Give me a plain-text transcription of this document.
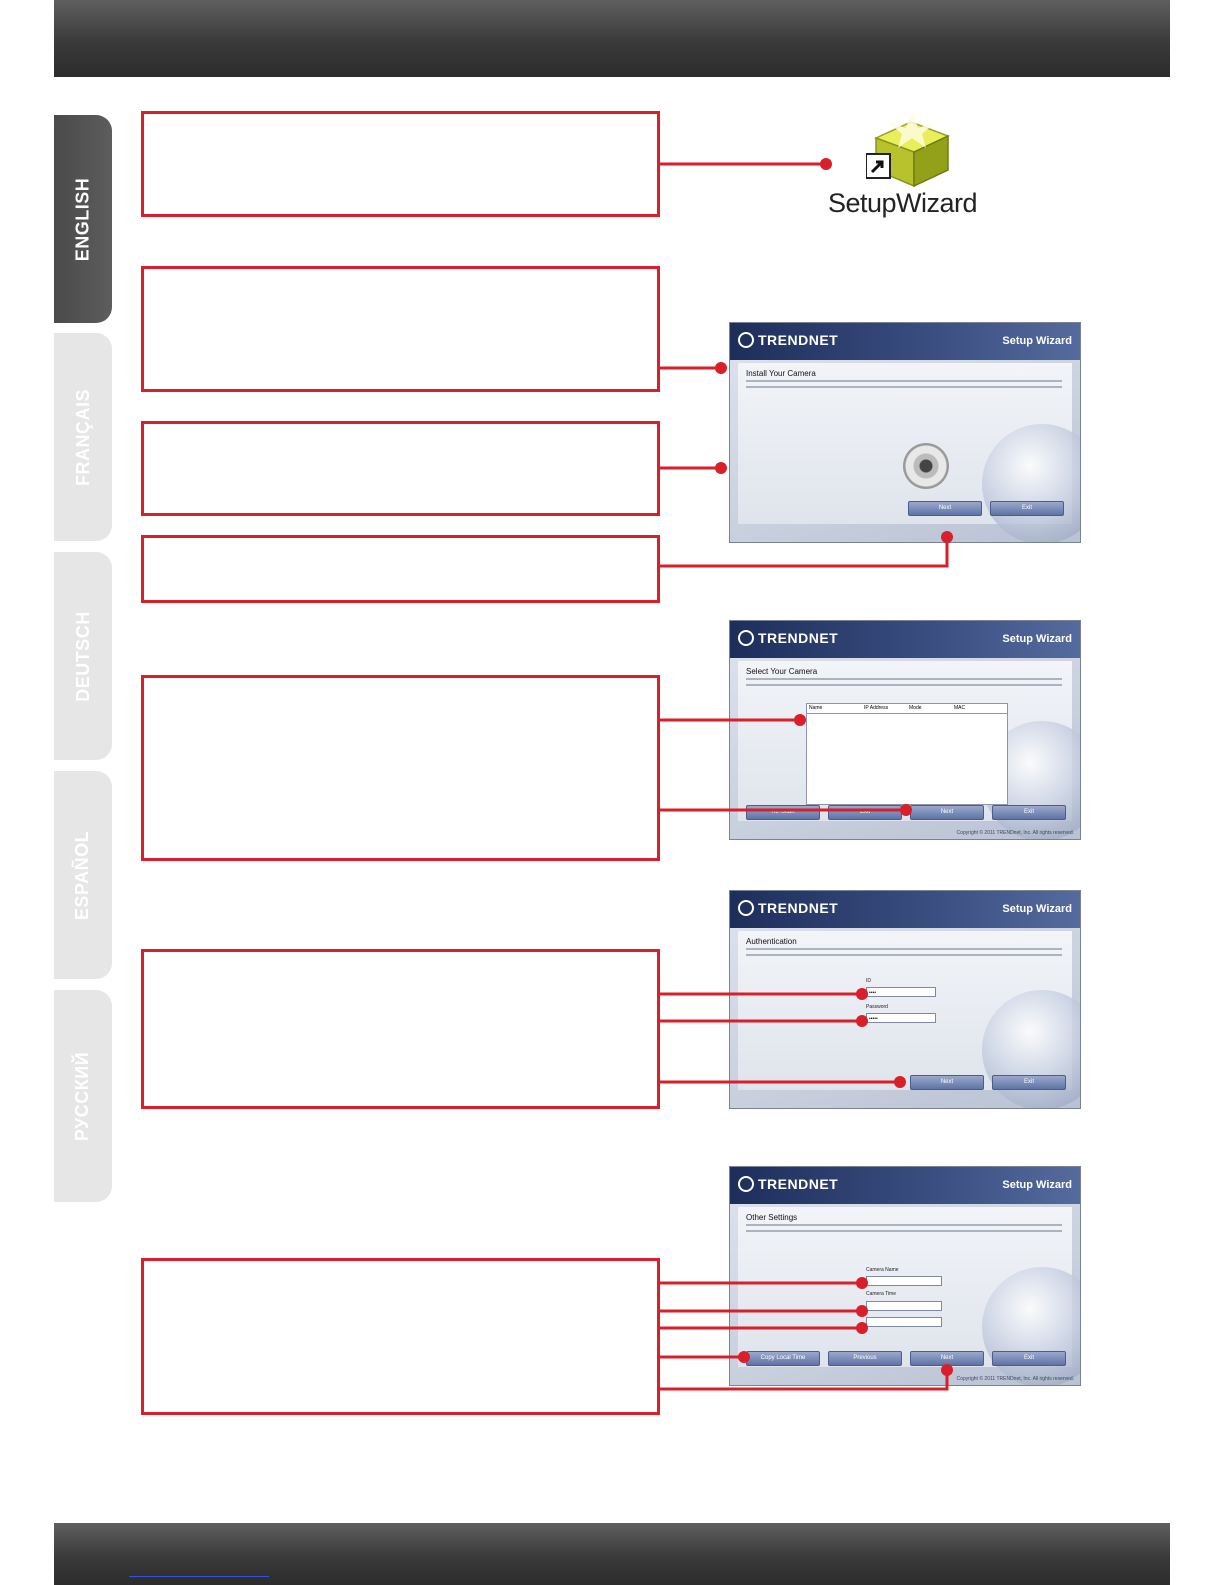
ENGLISH
FRANÇAIS
DEUTSCH
ESPAÑOL
РУССКИЙ
SetupWizard
TRENDNET	Setup Wizard
Install Your Camera
Next	Exit
TRENDNET	Setup Wizard
Select Your Camera
Name	IP Address	Mode	MAC
Re-Scan	Exit	Next	Exit
Copyright © 2011 TRENDnet, Inc. All rights reserved.
TRENDNET	Setup Wizard
Authentication
ID
••••
Password
•••••
Next	Exit
TRENDNET	Setup Wizard
Other Settings
Camera Name
Camera Time
Copy Local Time	Previous	Next	Exit
Copyright © 2011 TRENDnet, Inc. All rights reserved.
